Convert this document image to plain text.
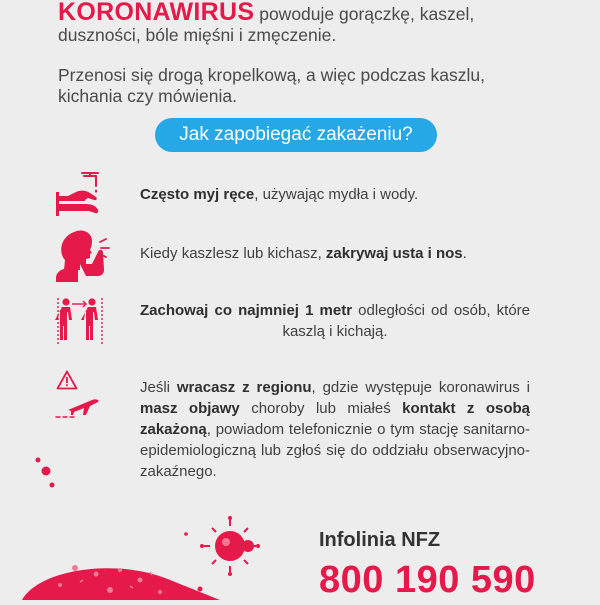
KORONAWIRUS powoduje gorączkę, kaszel, duszności, bóle mięśni i zmęczenie.

Przenosi się drogą kropelkową, a więc podczas kaszlu, kichania czy mówienia.

Jak zapobiegać zakażeniu?
Często myj ręce, używając mydła i wody.
Kiedy kaszlesz lub kichasz, zakrywaj usta i nos.
Zachowaj co najmniej 1 metr odległości od osób, które kaszlą i kichają.
Jeśli wracasz z regionu, gdzie występuje koronawirus i masz objawy choroby lub miałeś kontakt z osobą zakażoną, powiadom telefonicznie o tym stację sanitarno-epidemiologiczną lub zgłoś się do oddziału obserwacyjno-zakaźnego.
Infolinia NFZ
800 190 590
